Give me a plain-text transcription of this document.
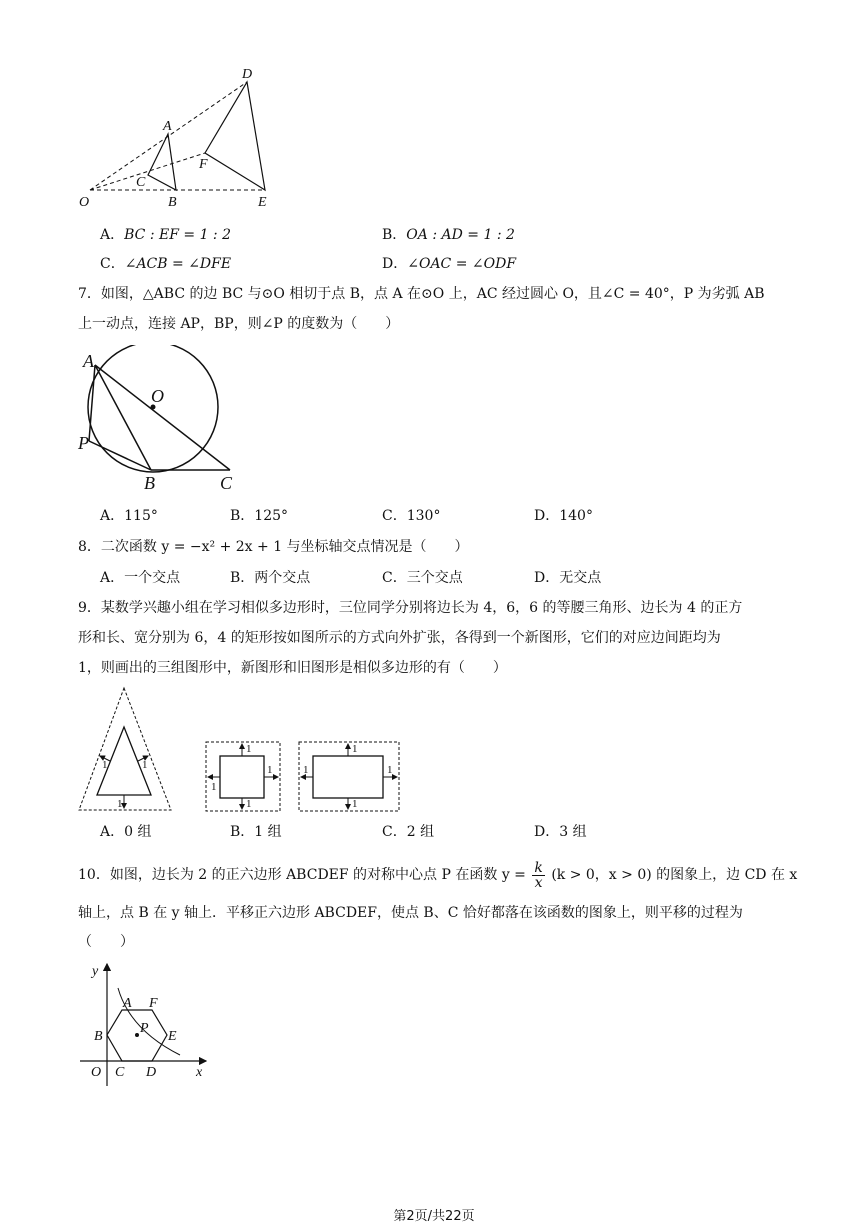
D
A
F
C
O	B	E
A．BC : EF = 1 : 2	B．OA : AD = 1 : 2
C．∠ACB = ∠DFE	D．∠OAC = ∠ODF
7．如图，△ABC 的边 BC 与⊙O 相切于点 B，点 A 在⊙O 上，AC 经过圆心 O，且∠C = 40°，P 为劣弧 AB
上一动点，连接 AP，BP，则∠P 的度数为（　　）
A
O
P
B	C
A．115°	B．125°	C．130°	D．140°
8．二次函数 y = −x² + 2x + 1 与坐标轴交点情况是（　　）
A．一个交点	B．两个交点	C．三个交点	D．无交点
9．某数学兴趣小组在学习相似多边形时，三位同学分别将边长为 4，6，6 的等腰三角形、边长为 4 的正方
形和长、宽分别为 6，4 的矩形按如图所示的方式向外扩张，各得到一个新图形，它们的对应边间距均为
1，则画出的三组图形中，新图形和旧图形是相似多边形的有（　　）
1	1
1
1
1
1
1
1
1	1
1
A．0 组	B．1 组	C．2 组	D．3 组
10．如图，边长为 2 的正六边形 ABCDEF 的对称中心点 P 在函数 $y = \frac{k}{x} (k > 0$，x > 0) 的图象上，边 CD 在 x
轴上，点 B 在 y 轴上．平移正六边形 ABCDEF，使点 B、C 恰好都落在该函数的图象上，则平移的过程为
（　　）
y
A F
B
P
E
O C D	x
第2页/共22页
